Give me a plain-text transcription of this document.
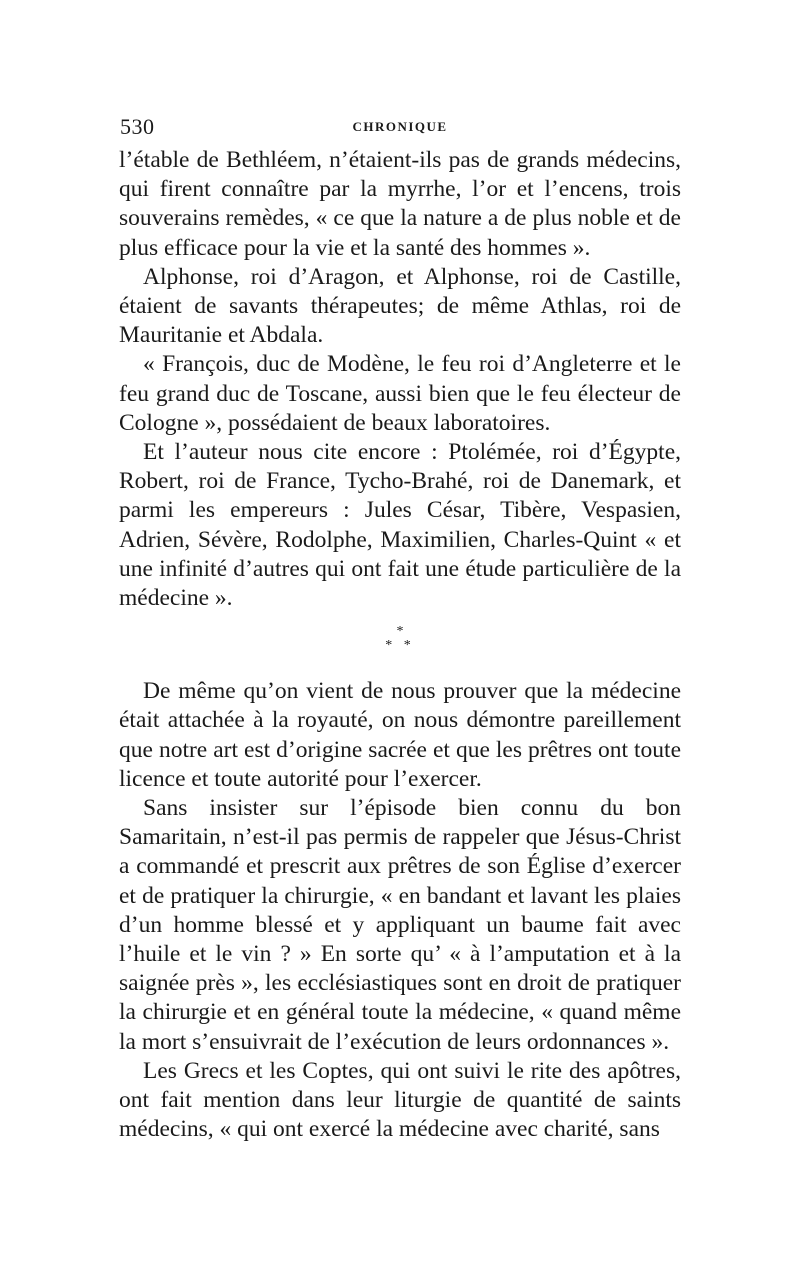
530	CHRONIQUE

l’étable de Bethléem, n’étaient-ils pas de grands médecins, qui firent connaître par la myrrhe, l’or et l’encens, trois souverains remèdes, « ce que la nature a de plus noble et de plus efficace pour la vie et la santé des hommes ».

Alphonse, roi d’Aragon, et Alphonse, roi de Castille, étaient de savants thérapeutes; de même Athlas, roi de Mauritanie et Abdala.

« François, duc de Modène, le feu roi d’Angleterre et le feu grand duc de Toscane, aussi bien que le feu électeur de Cologne », possédaient de beaux laboratoires.

Et l’auteur nous cite encore : Ptolémée, roi d’Égypte, Robert, roi de France, Tycho-Brahé, roi de Danemark, et parmi les empereurs : Jules César, Tibère, Vespasien, Adrien, Sévère, Rodolphe, Maximilien, Charles-Quint « et une infinité d’autres qui ont fait une étude particulière de la médecine ».

*
* *

De même qu’on vient de nous prouver que la médecine était attachée à la royauté, on nous démontre pareillement que notre art est d’origine sacrée et que les prêtres ont toute licence et toute autorité pour l’exercer.

Sans insister sur l’épisode bien connu du bon Samaritain, n’est-il pas permis de rappeler que Jésus-Christ a commandé et prescrit aux prêtres de son Église d’exercer et de pratiquer la chirurgie, « en bandant et lavant les plaies d’un homme blessé et y appliquant un baume fait avec l’huile et le vin ? » En sorte qu’ « à l’amputation et à la saignée près », les ecclésiastiques sont en droit de pratiquer la chirurgie et en général toute la médecine, « quand même la mort s’ensuivrait de l’exécution de leurs ordonnances ».

Les Grecs et les Coptes, qui ont suivi le rite des apôtres, ont fait mention dans leur liturgie de quantité de saints médecins, « qui ont exercé la médecine avec charité, sans
